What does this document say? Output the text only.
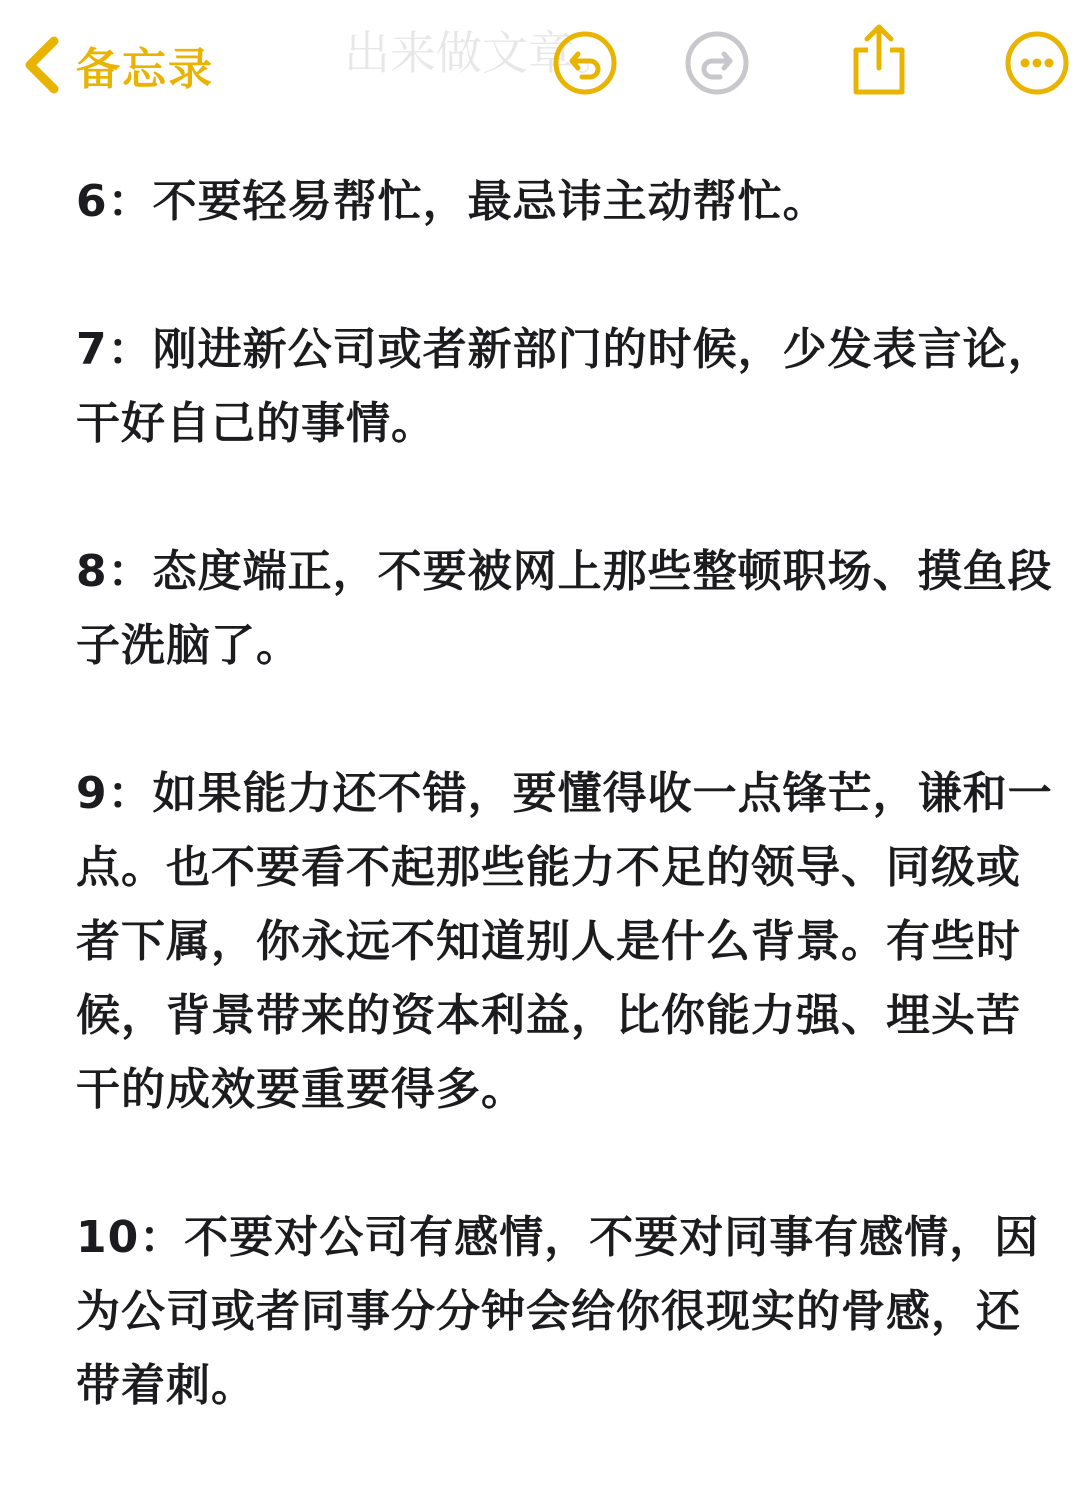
出来做文章。
备忘录

6：不要轻易帮忙，最忌讳主动帮忙。

7：刚进新公司或者新部门的时候，少发表言论，干好自己的事情。

8：态度端正，不要被网上那些整顿职场、摸鱼段子洗脑了。

9：如果能力还不错，要懂得收一点锋芒，谦和一点。也不要看不起那些能力不足的领导、同级或者下属，你永远不知道别人是什么背景。有些时候，背景带来的资本利益，比你能力强、埋头苦干的成效要重要得多。

10：不要对公司有感情，不要对同事有感情，因为公司或者同事分分钟会给你很现实的骨感，还带着刺。
